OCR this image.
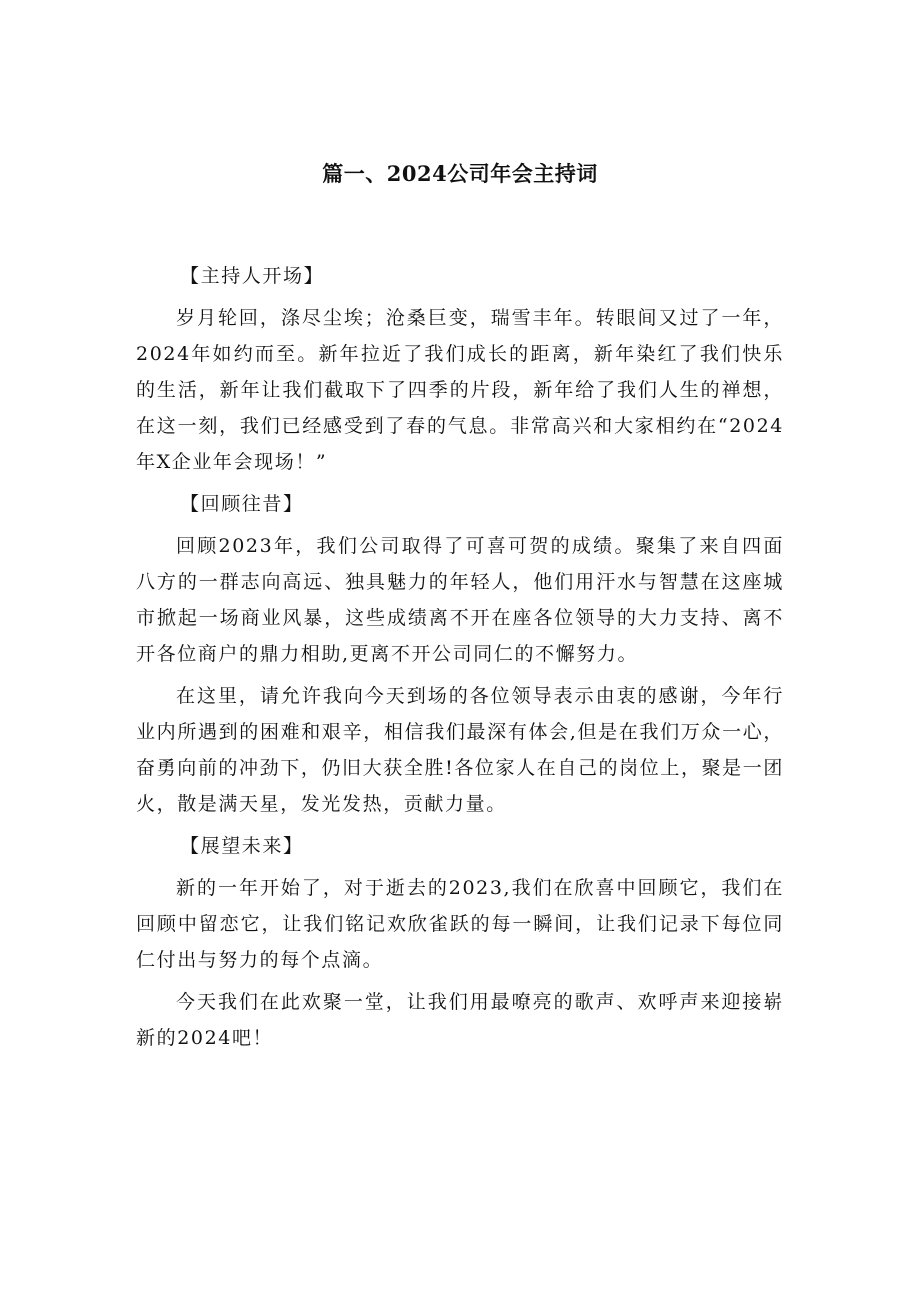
篇一、2024公司年会主持词

【主持人开场】

岁月轮回，涤尽尘埃；沧桑巨变，瑞雪丰年。转眼间又过了一年，2024年如约而至。新年拉近了我们成长的距离，新年染红了我们快乐的生活，新年让我们截取下了四季的片段，新年给了我们人生的禅想，在这一刻，我们已经感受到了春的气息。非常高兴和大家相约在“2024年X企业年会现场！”

【回顾往昔】

回顾2023年，我们公司取得了可喜可贺的成绩。聚集了来自四面八方的一群志向高远、独具魅力的年轻人，他们用汗水与智慧在这座城市掀起一场商业风暴，这些成绩离不开在座各位领导的大力支持、离不开各位商户的鼎力相助,更离不开公司同仁的不懈努力。

在这里，请允许我向今天到场的各位领导表示由衷的感谢，今年行业内所遇到的困难和艰辛，相信我们最深有体会,但是在我们万众一心，奋勇向前的冲劲下，仍旧大获全胜!各位家人在自己的岗位上，聚是一团火，散是满天星，发光发热，贡献力量。

【展望未来】

新的一年开始了，对于逝去的2023,我们在欣喜中回顾它，我们在回顾中留恋它，让我们铭记欢欣雀跃的每一瞬间，让我们记录下每位同仁付出与努力的每个点滴。

今天我们在此欢聚一堂，让我们用最嘹亮的歌声、欢呼声来迎接崭新的2024吧！
